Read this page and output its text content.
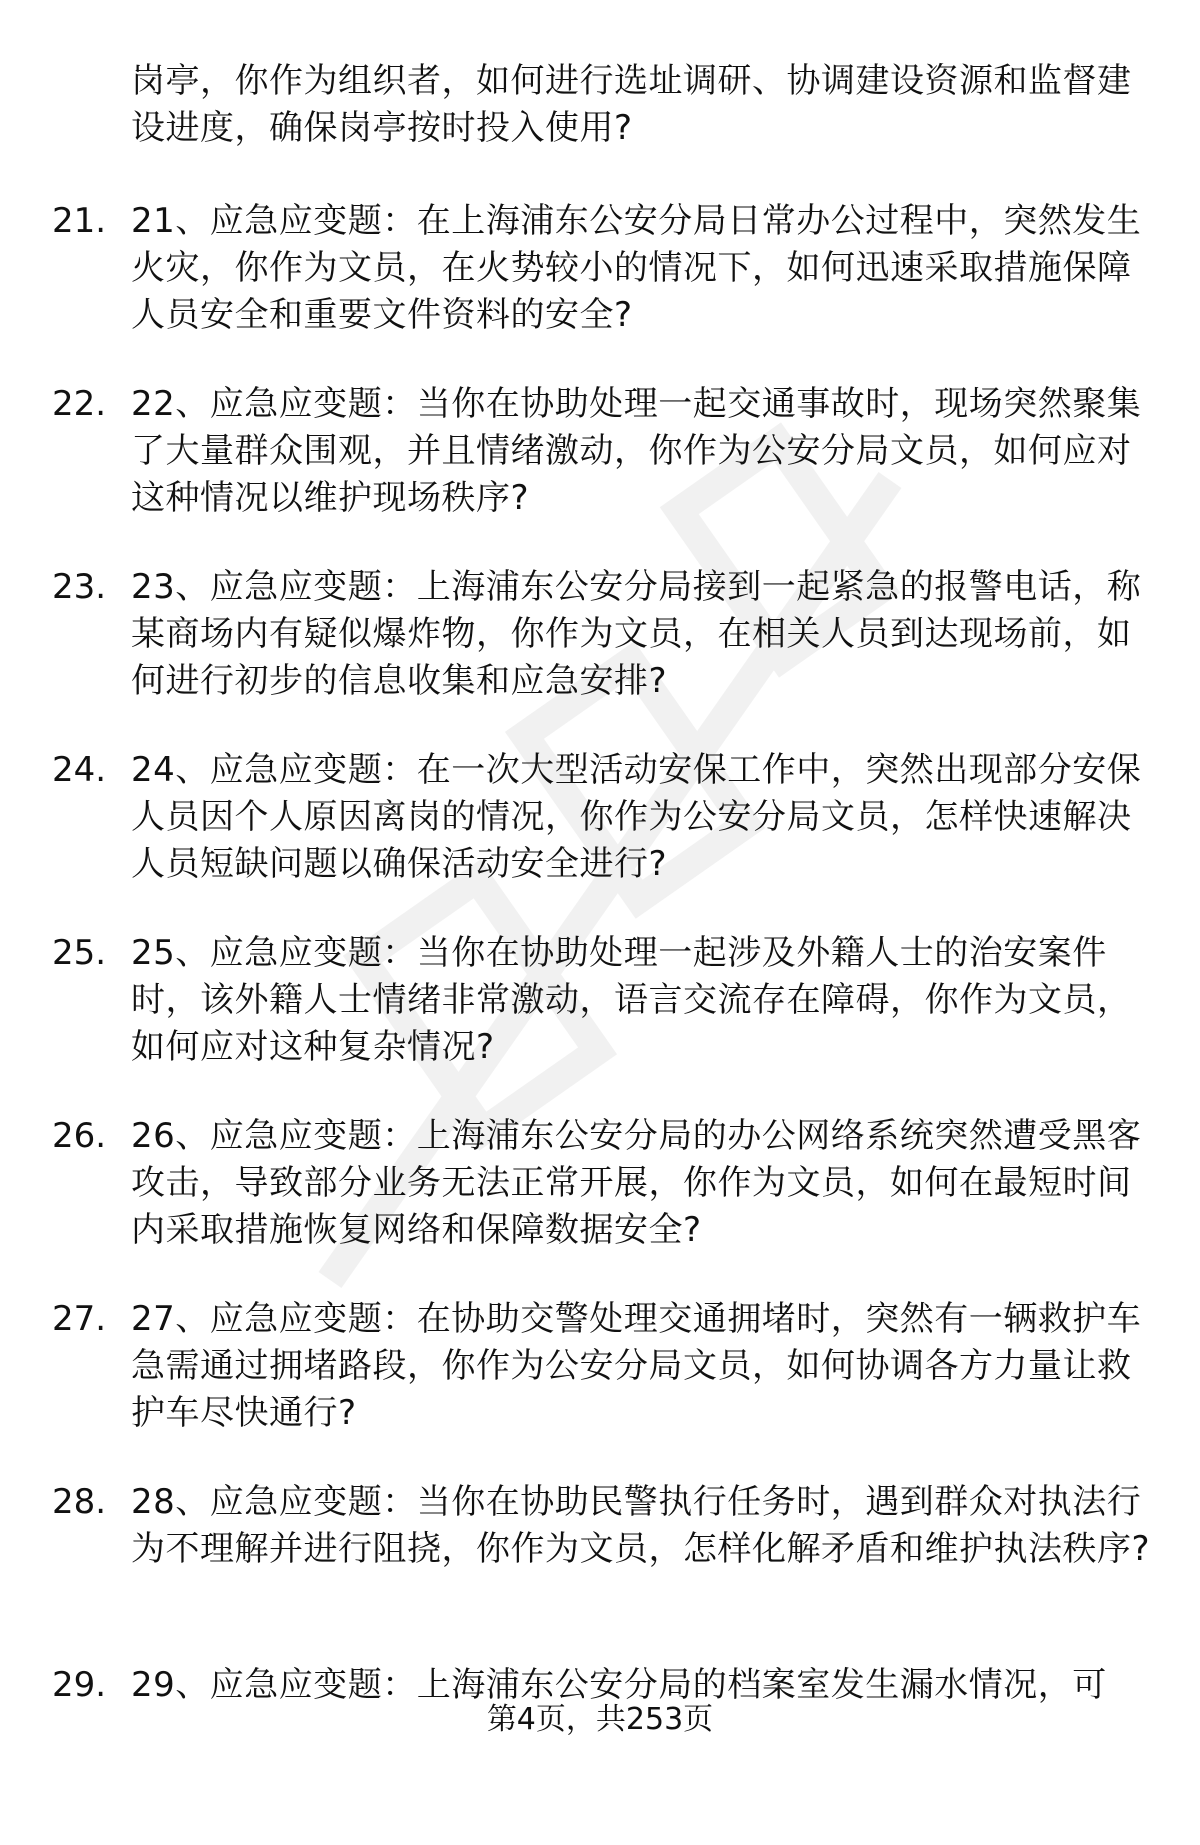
岗亭，你作为组织者，如何进行选址调研、协调建设资源和监督建设进度，确保岗亭按时投入使用?
21. 21、应急应变题：在上海浦东公安分局日常办公过程中，突然发生火灾，你作为文员，在火势较小的情况下，如何迅速采取措施保障人员安全和重要文件资料的安全?
22. 22、应急应变题：当你在协助处理一起交通事故时，现场突然聚集了大量群众围观，并且情绪激动，你作为公安分局文员，如何应对这种情况以维护现场秩序?
23. 23、应急应变题：上海浦东公安分局接到一起紧急的报警电话，称某商场内有疑似爆炸物，你作为文员，在相关人员到达现场前，如何进行初步的信息收集和应急安排?
24. 24、应急应变题：在一次大型活动安保工作中，突然出现部分安保人员因个人原因离岗的情况，你作为公安分局文员，怎样快速解决人员短缺问题以确保活动安全进行?
25. 25、应急应变题：当你在协助处理一起涉及外籍人士的治安案件时，该外籍人士情绪非常激动，语言交流存在障碍，你作为文员，如何应对这种复杂情况?
26. 26、应急应变题：上海浦东公安分局的办公网络系统突然遭受黑客攻击，导致部分业务无法正常开展，你作为文员，如何在最短时间内采取措施恢复网络和保障数据安全?
27. 27、应急应变题：在协助交警处理交通拥堵时，突然有一辆救护车急需通过拥堵路段，你作为公安分局文员，如何协调各方力量让救护车尽快通行?
28. 28、应急应变题：当你在协助民警执行任务时，遇到群众对执法行为不理解并进行阻挠，你作为文员，怎样化解矛盾和维护执法秩序?
29. 29、应急应变题：上海浦东公安分局的档案室发生漏水情况，可
第4页，共253页
